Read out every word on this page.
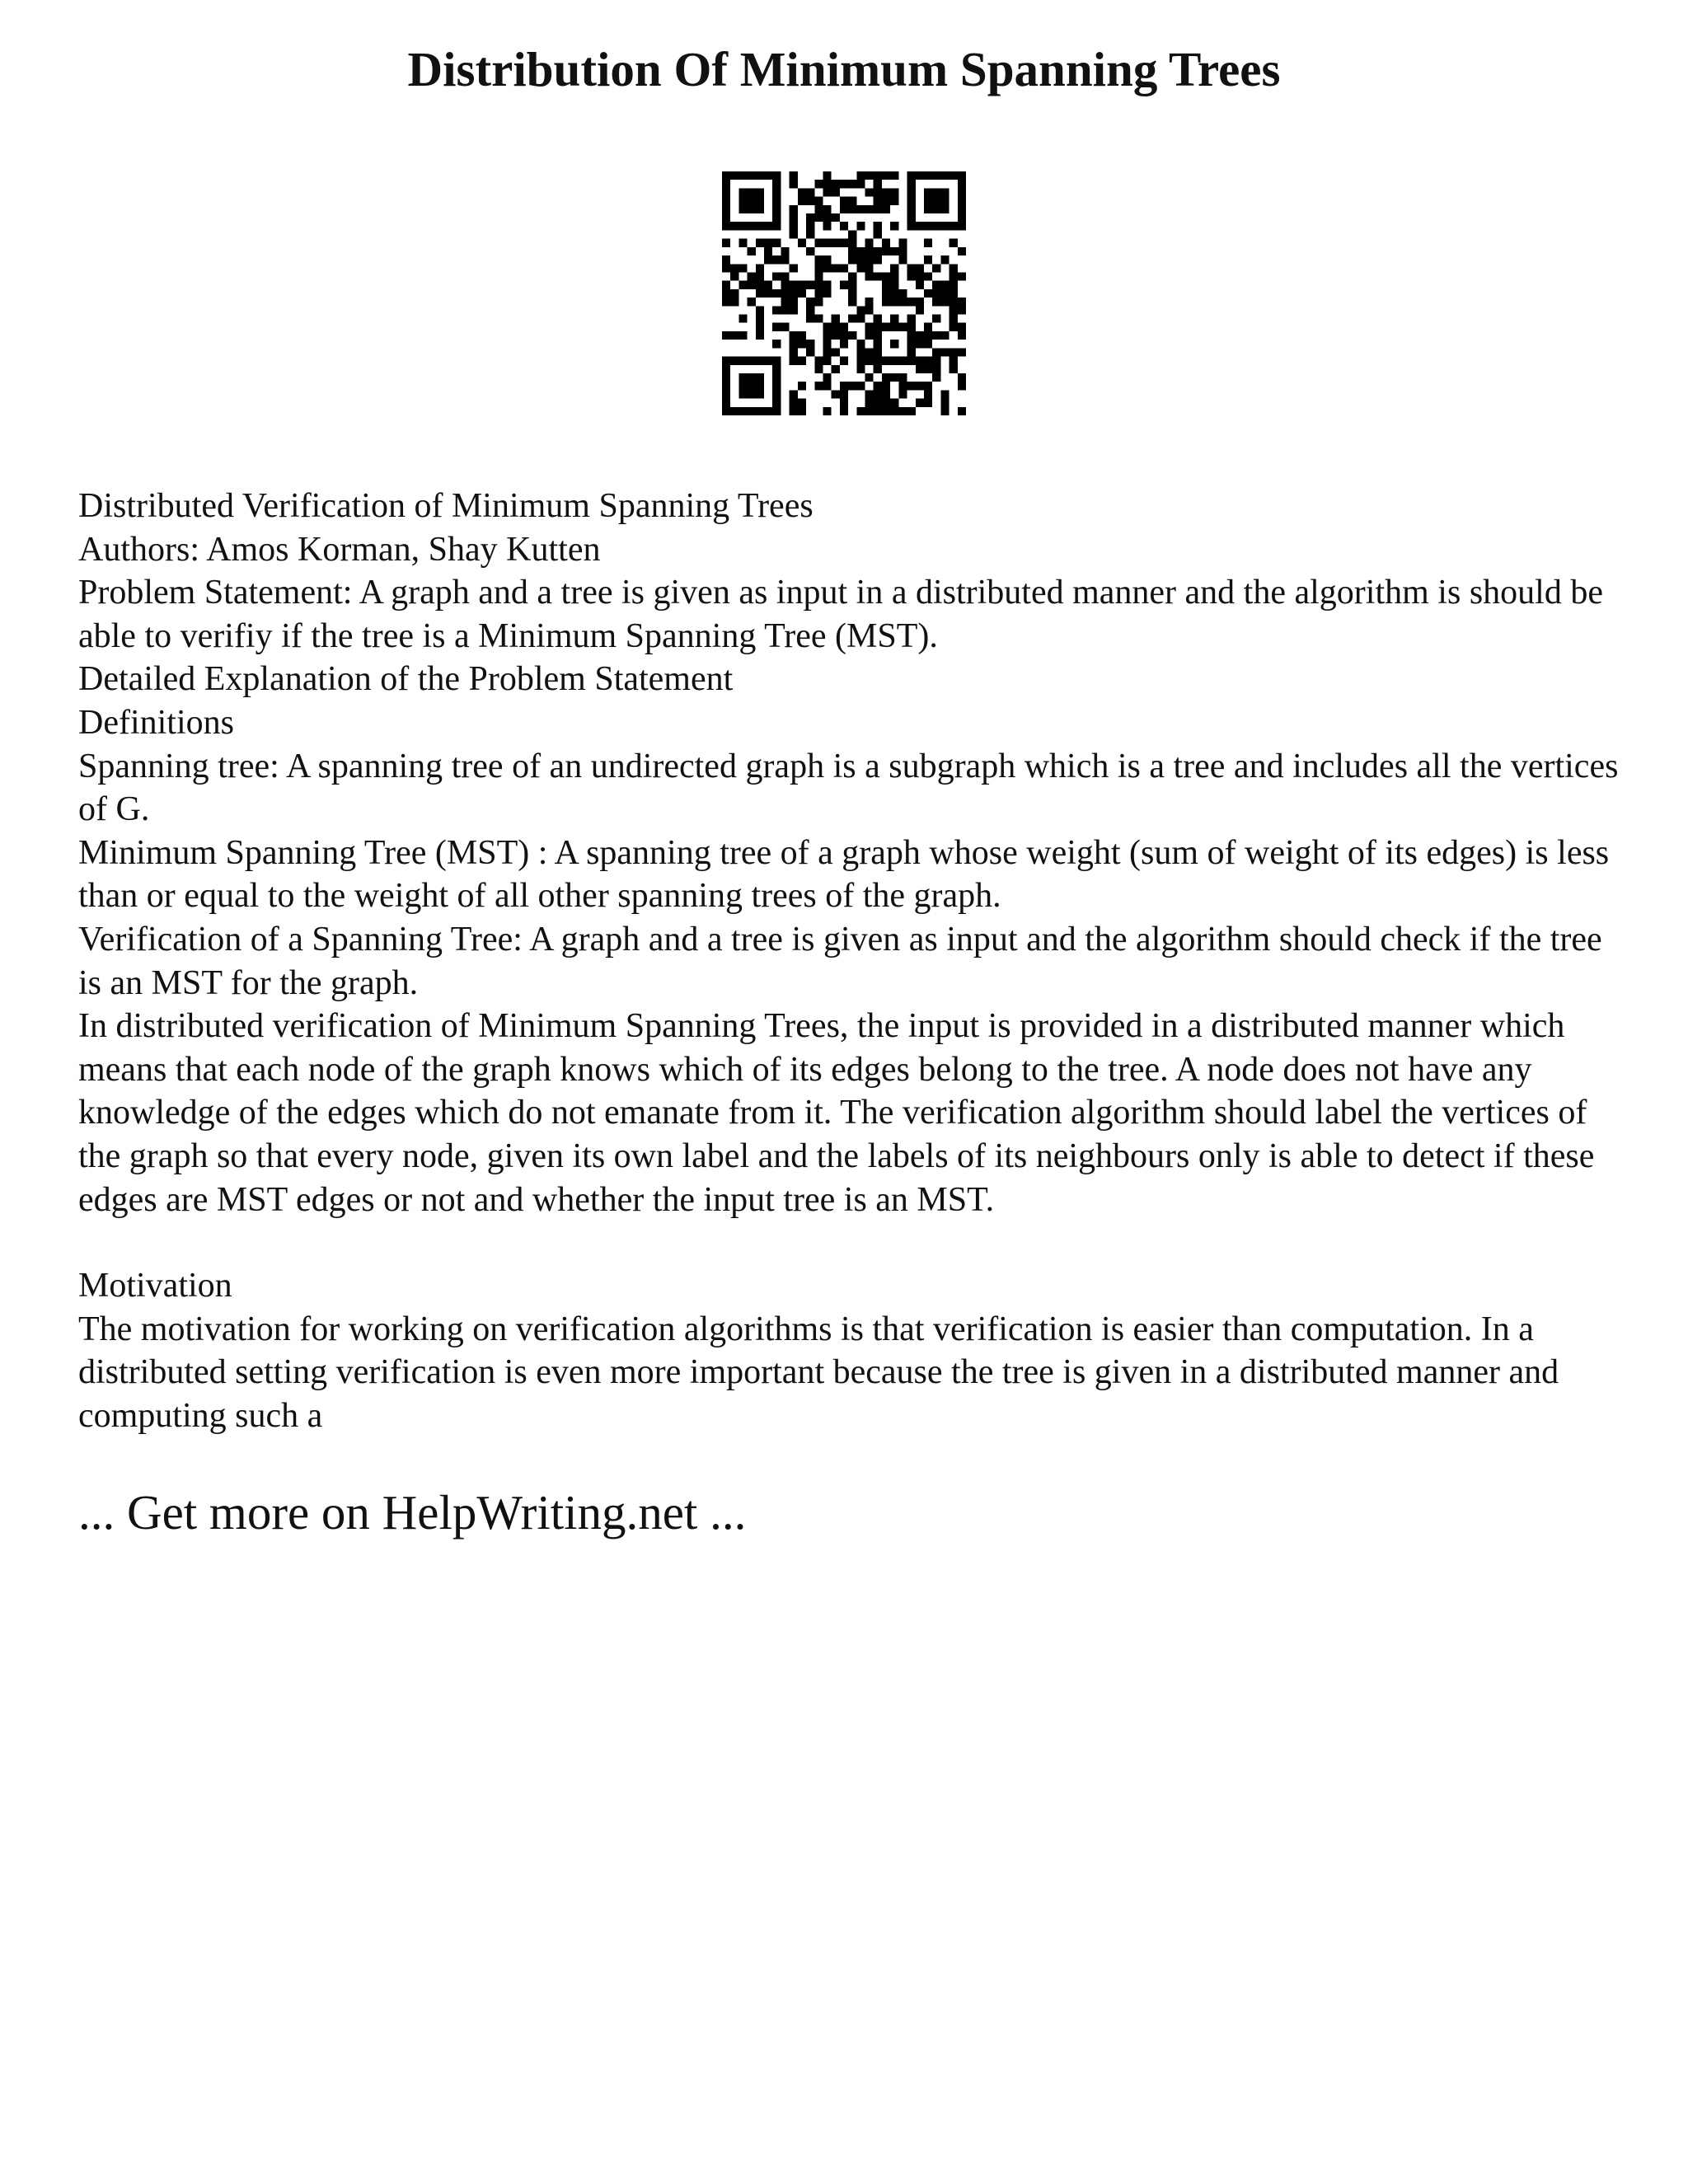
Distribution Of Minimum Spanning Trees

Distributed Verification of Minimum Spanning Trees

Authors: Amos Korman, Shay Kutten

Problem Statement: A graph and a tree is given as input in a distributed manner and the algorithm is should be able to verifiy if the tree is a Minimum Spanning Tree (MST).

Detailed Explanation of the Problem Statement

Definitions

Spanning tree: A spanning tree of an undirected graph is a subgraph which is a tree and includes all the vertices of G.

Minimum Spanning Tree (MST) : A spanning tree of a graph whose weight (sum of weight of its edges) is less than or equal to the weight of all other spanning trees of the graph.

Verification of a Spanning Tree: A graph and a tree is given as input and the algorithm should check if the tree is an MST for the graph.

In distributed verification of Minimum Spanning Trees, the input is provided in a distributed manner which means that each node of the graph knows which of its edges belong to the tree. A node does not have any knowledge of the edges which do not emanate from it. The verification algorithm should label the vertices of the graph so that every node, given its own label and the labels of its neighbours only is able to detect if these edges are MST edges or not and whether the input tree is an MST.

Motivation

The motivation for working on verification algorithms is that verification is easier than computation. In a distributed setting verification is even more important because the tree is given in a distributed manner and computing such a

... Get more on HelpWriting.net ...
